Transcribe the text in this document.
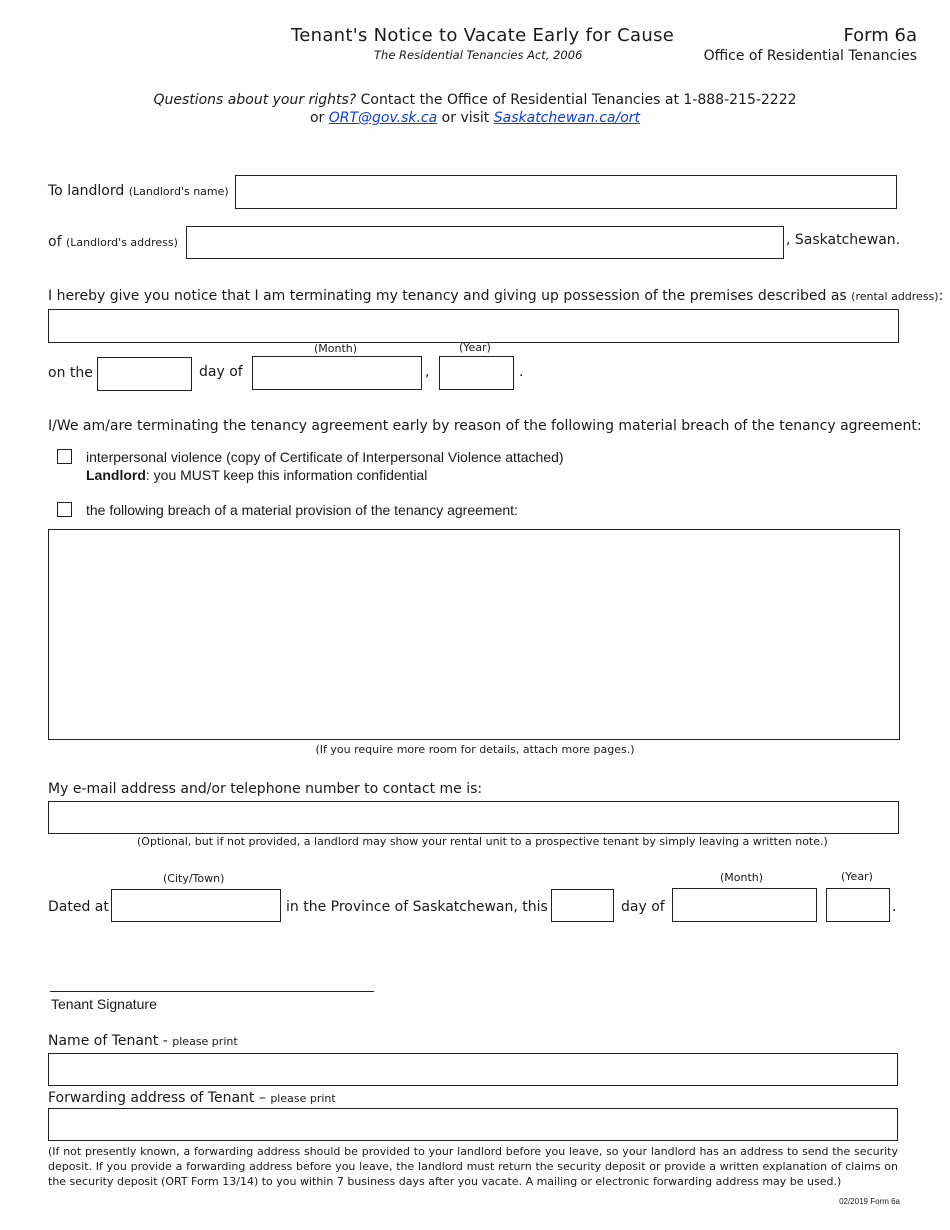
Tenant's Notice to Vacate Early for Cause
The Residential Tenancies Act, 2006
Form 6a
Office of Residential Tenancies
Questions about your rights? Contact the Office of Residential Tenancies at 1-888-215-2222
or ORT@gov.sk.ca or visit Saskatchewan.ca/ort
To landlord (Landlord's name)
of (Landlord's address)	, Saskatchewan.
I hereby give you notice that I am terminating my tenancy and giving up possession of the premises described as (rental address):
on the	day of
(Month)
,
(Year)
.
I/We am/are terminating the tenancy agreement early by reason of the following material breach of the tenancy agreement:
interpersonal violence (copy of Certificate of Interpersonal Violence attached)
Landlord: you MUST keep this information confidential
the following breach of a material provision of the tenancy agreement:
(If you require more room for details, attach more pages.)
My e-mail address and/or telephone number to contact me is:
(Optional, but if not provided, a landlord may show your rental unit to a prospective tenant by simply leaving a written note.)
Dated at
(City/Town)
in the Province of Saskatchewan, this	day of
(Month)	(Year)
.
Tenant Signature
Name of Tenant - please print
Forwarding address of Tenant – please print
(If not presently known, a forwarding address should be provided to your landlord before you leave, so your landlord has an address to send the security deposit. If you provide a forwarding address before you leave, the landlord must return the security deposit or provide a written explanation of claims on the security deposit (ORT Form 13/14) to you within 7 business days after you vacate. A mailing or electronic forwarding address may be used.)
02/2019 Form 6a
